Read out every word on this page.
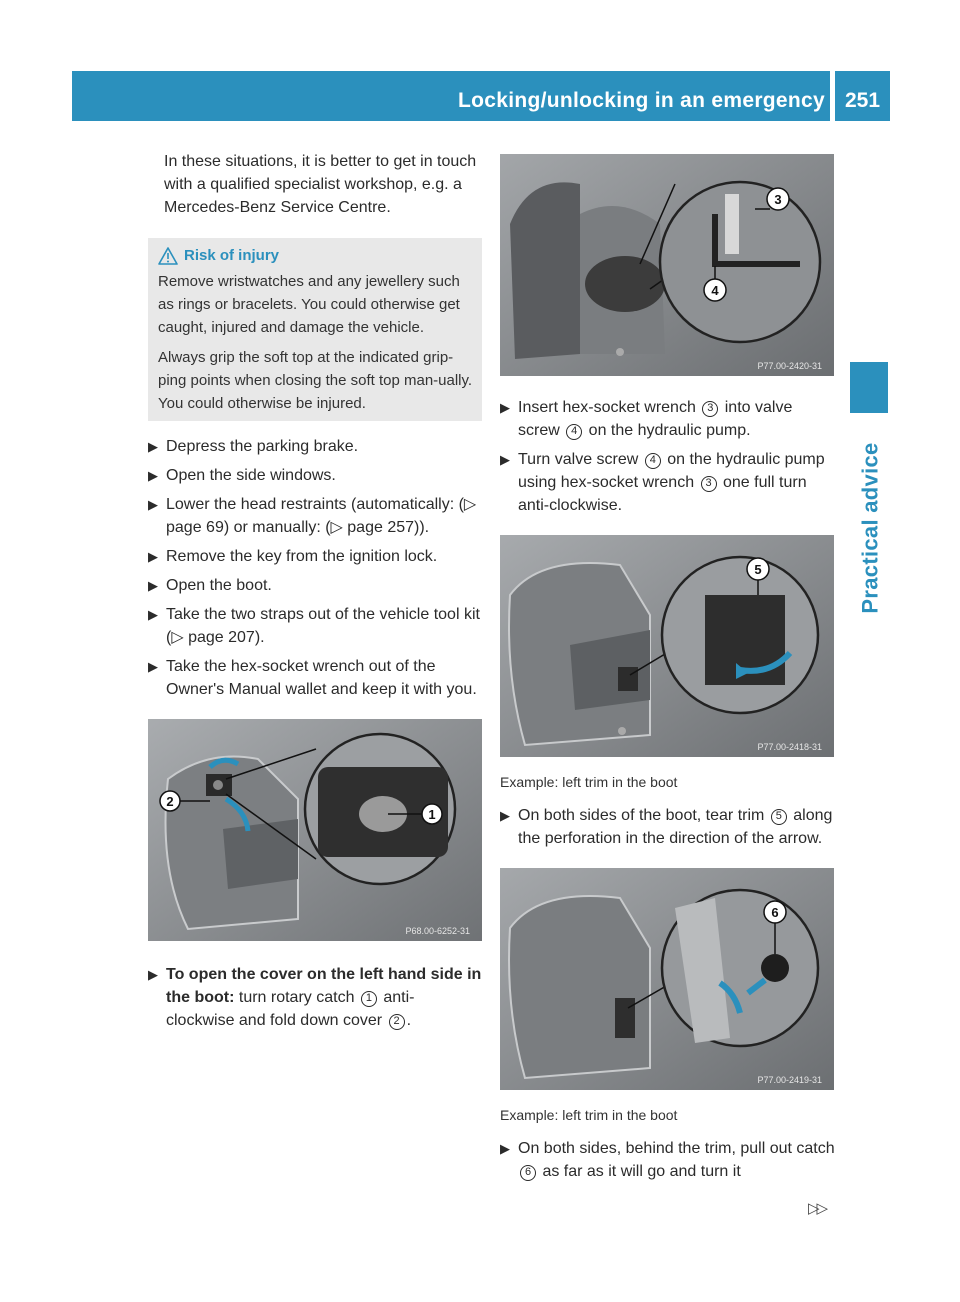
Locking/unlocking in an emergency 251
Practical advice

In these situations, it is better to get in touch with a qualified specialist workshop, e.g. a Mercedes-Benz Service Centre.

Risk of injury

Remove wristwatches and any jewellery such as rings or bracelets. You could otherwise get caught, injured and damage the vehicle.

Always grip the soft top at the indicated grip-ping points when closing the soft top man-ually. You could otherwise be injured.

▶ Depress the parking brake.
▶ Open the side windows.
▶ Lower the head restraints (automatically: (▷ page 69) or manually: (▷ page 257)).
▶ Remove the key from the ignition lock.
▶ Open the boot.
▶ Take the two straps out of the vehicle tool kit (▷ page 207).
▶ Take the hex-socket wrench out of the Owner's Manual wallet and keep it with you.
2
1
P68.00-6252-31
▶ To open the cover on the left hand side in the boot: turn rotary catch 1 anti-clockwise and fold down cover 2 .
3
4
P77.00-2420-31
▶ Insert hex-socket wrench 3 into valve screw 4 on the hydraulic pump.
▶ Turn valve screw 4 on the hydraulic pump using hex-socket wrench 3 one full turn anti-clockwise.
5
P77.00-2418-31

Example: left trim in the boot

▶ On both sides of the boot, tear trim 5 along the perforation in the direction of the arrow.
6
P77.00-2419-31

Example: left trim in the boot

▶ On both sides, behind the trim, pull out catch 6 as far as it will go and turn it
▷▷
